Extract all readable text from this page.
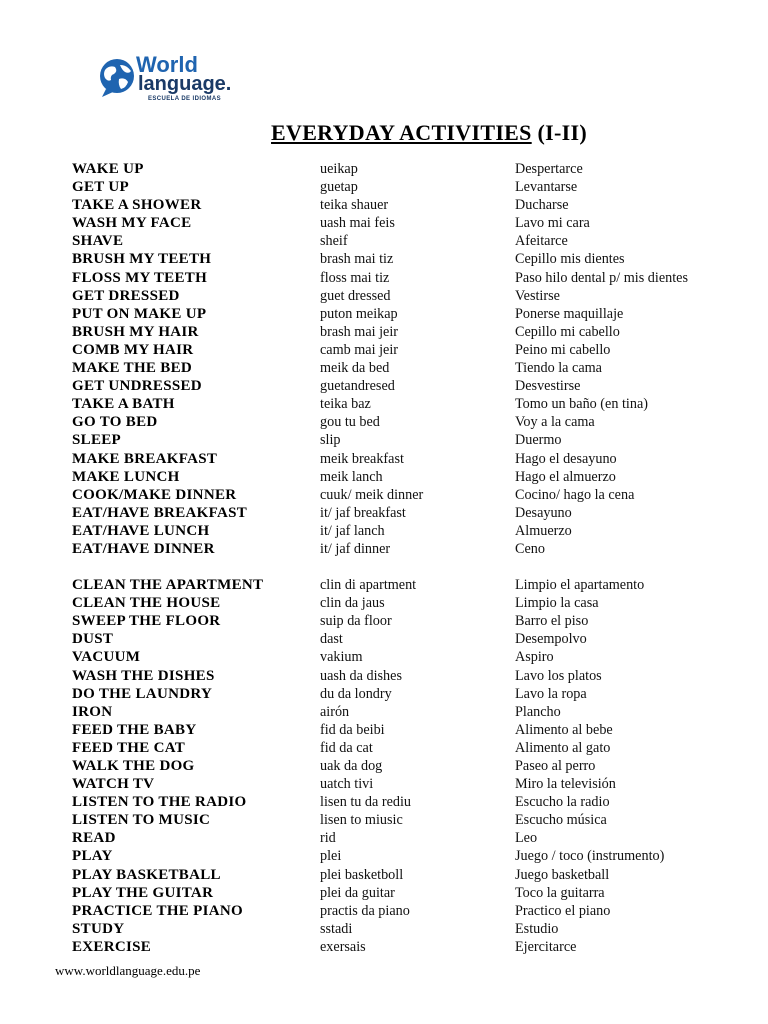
World
language.
ESCUELA DE IDIOMAS
EVERYDAY ACTIVITIES (I-II)
WAKE UP	ueikap	Despertarce
GET UP	guetap	Levantarse
TAKE A SHOWER	teika shauer	Ducharse
WASH MY FACE	uash mai feis	Lavo mi cara
SHAVE	sheif	Afeitarce
BRUSH MY TEETH	brash mai tiz	Cepillo mis dientes
FLOSS MY TEETH	floss mai tiz	Paso hilo dental p/ mis dientes
GET DRESSED	guet dressed	Vestirse
PUT ON MAKE UP	puton meikap	Ponerse maquillaje
BRUSH MY HAIR	brash mai jeir	Cepillo mi cabello
COMB MY HAIR	camb mai jeir	Peino mi cabello
MAKE THE BED	meik da bed	Tiendo la cama
GET UNDRESSED	guetandresed	Desvestirse
TAKE A BATH	teika baz	Tomo un baño (en tina)
GO TO BED	gou tu bed	Voy a la cama
SLEEP	slip	Duermo
MAKE BREAKFAST	meik breakfast	Hago el desayuno
MAKE LUNCH	meik lanch	Hago el almuerzo
COOK/MAKE DINNER	cuuk/ meik dinner	Cocino/ hago la cena
EAT/HAVE BREAKFAST	it/ jaf breakfast	Desayuno
EAT/HAVE LUNCH	it/ jaf lanch	Almuerzo
EAT/HAVE DINNER	it/ jaf dinner	Ceno
CLEAN THE APARTMENT	clin di apartment	Limpio el apartamento
CLEAN THE HOUSE	clin da jaus	Limpio la casa
SWEEP THE FLOOR	suip da floor	Barro el piso
DUST	dast	Desempolvo
VACUUM	vakium	Aspiro
WASH THE DISHES	uash da dishes	Lavo los platos
DO THE LAUNDRY	du da londry	Lavo la ropa
IRON	airón	Plancho
FEED THE BABY	fid da beibi	Alimento al bebe
FEED THE CAT	fid da cat	Alimento al gato
WALK THE DOG	uak da dog	Paseo al perro
WATCH TV	uatch tivi	Miro la televisión
LISTEN TO THE RADIO	lisen tu da rediu	Escucho la radio
LISTEN TO MUSIC	lisen to miusic	Escucho música
READ	rid	Leo
PLAY	plei	Juego / toco (instrumento)
PLAY BASKETBALL	plei basketboll	Juego basketball
PLAY THE GUITAR	plei da guitar	Toco la guitarra
PRACTICE THE PIANO	practis da piano	Practico el piano
STUDY	sstadi	Estudio
EXERCISE	exersais	Ejercitarce
www.worldlanguage.edu.pe
